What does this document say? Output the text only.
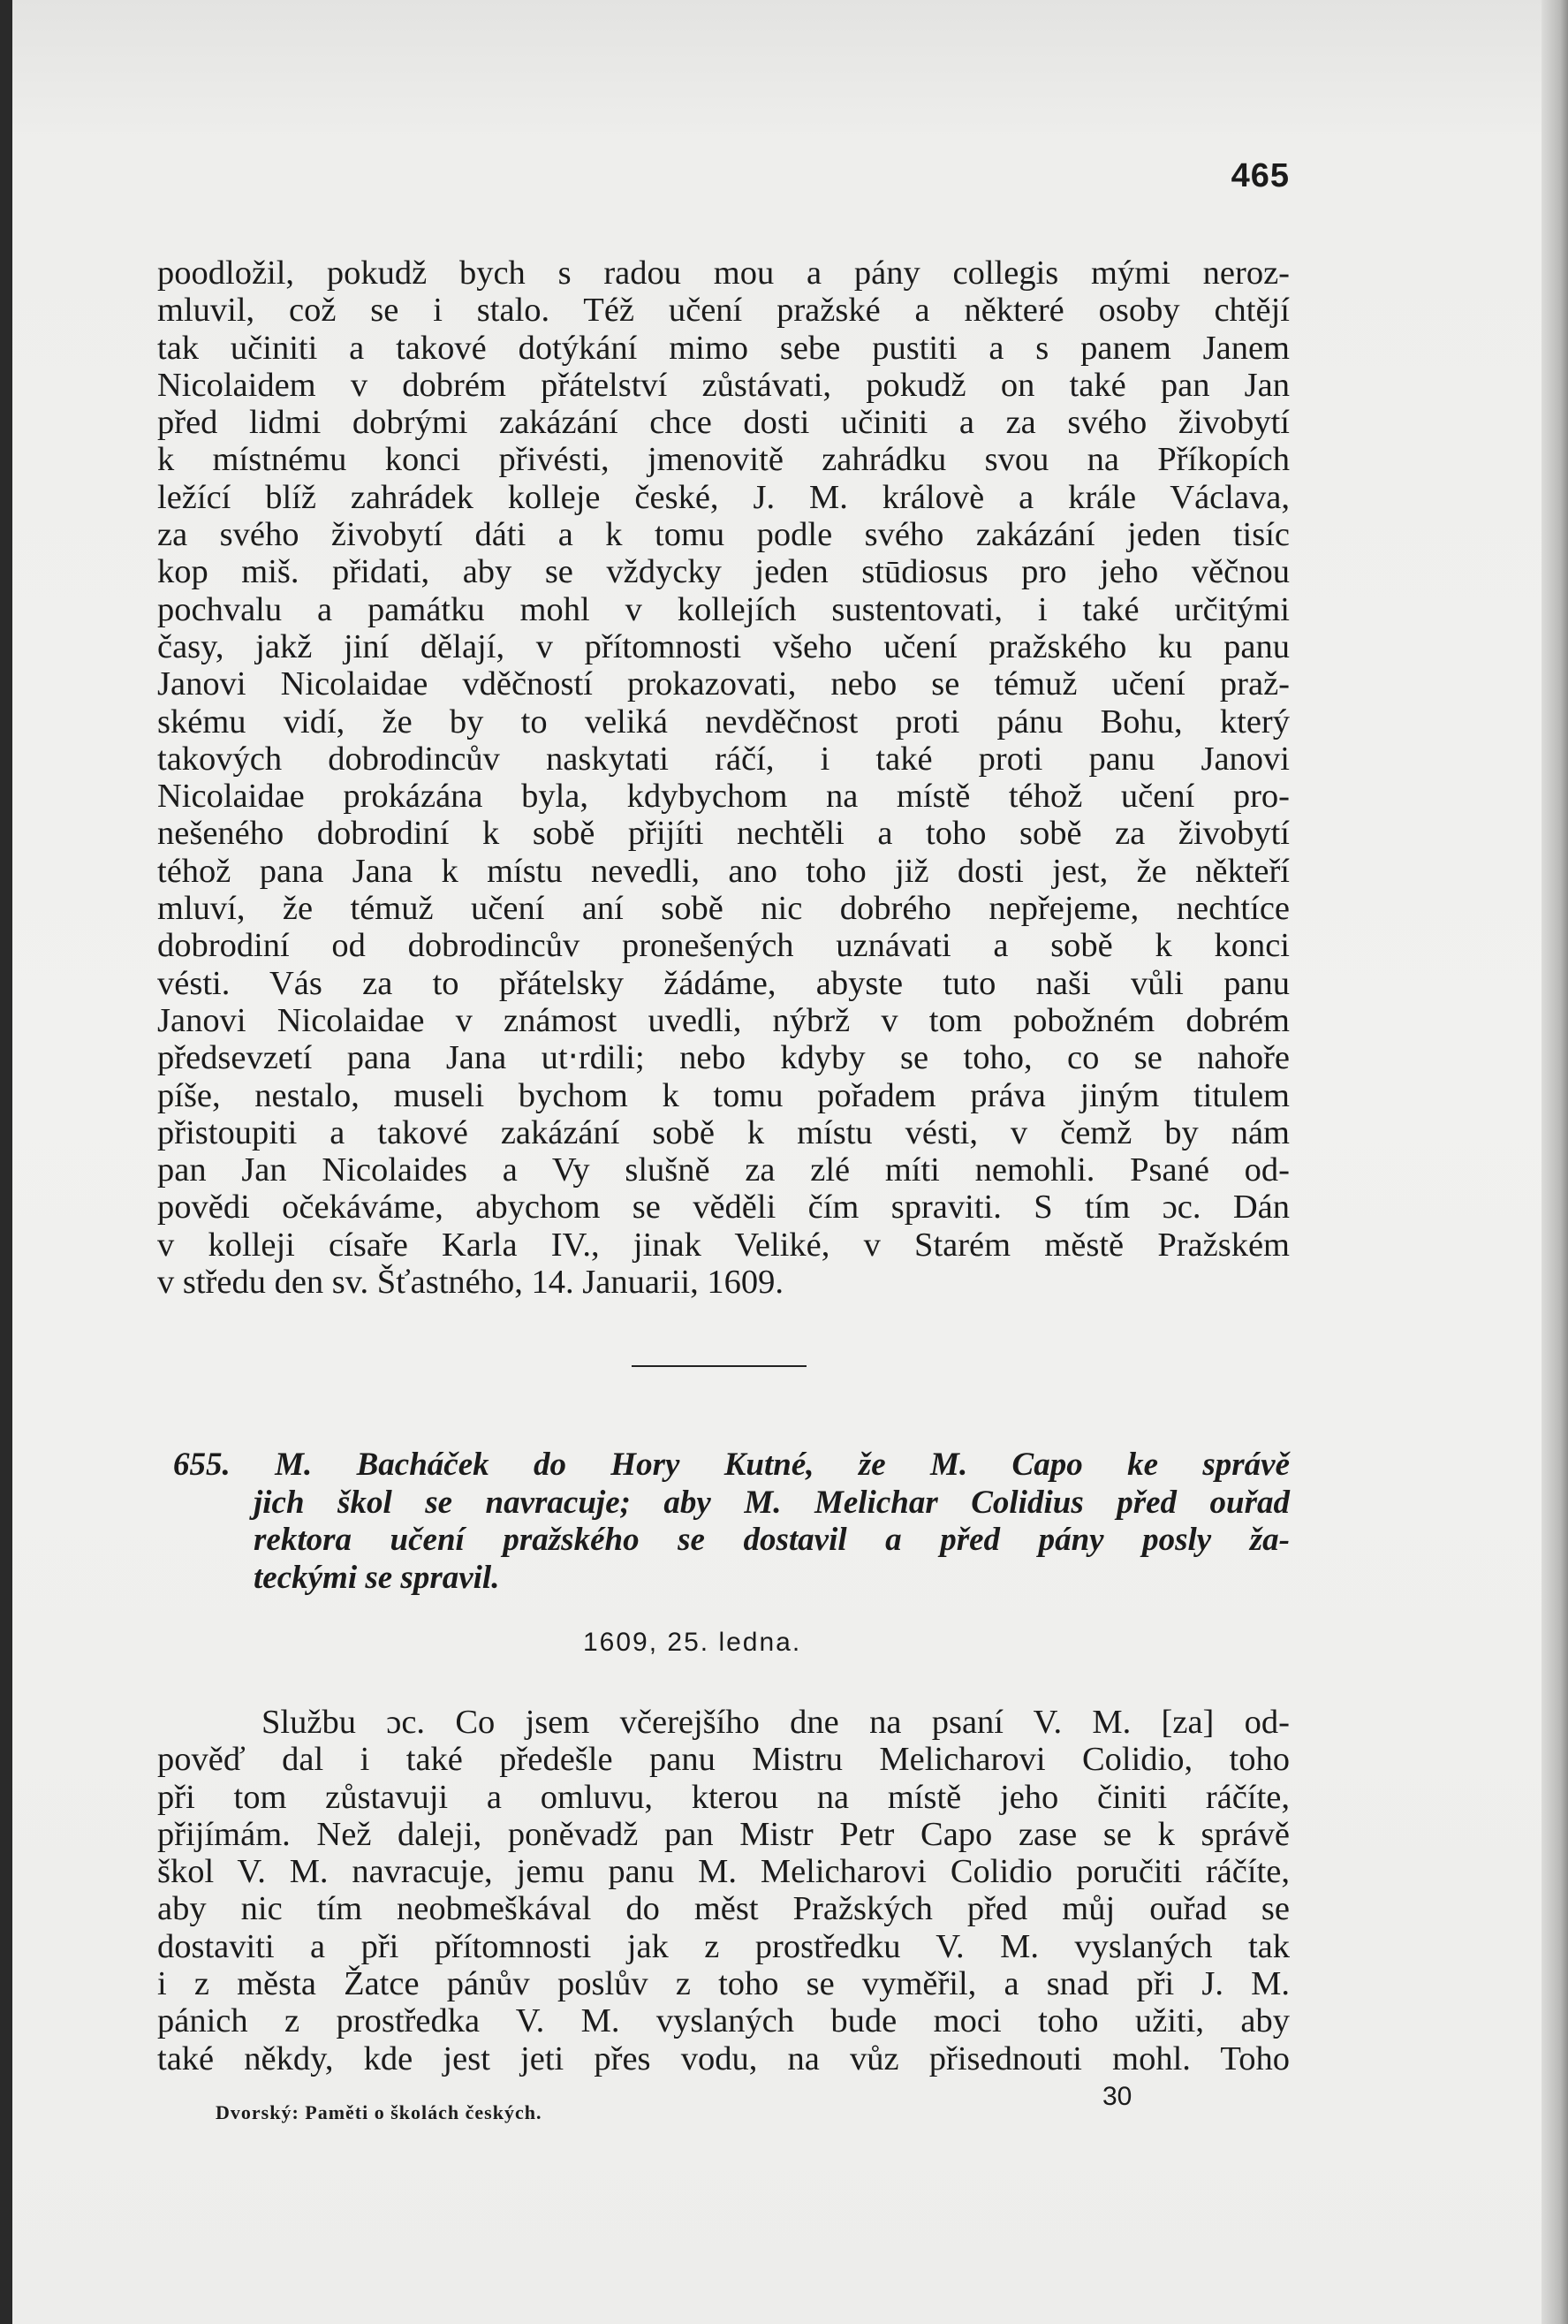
465
poodložil, pokudž bych s radou mou a pány collegis mými neroz-
mluvil, což se i stalo. Též učení pražské a některé osoby chtějí
tak učiniti a takové dotýkání mimo sebe pustiti a s panem Janem
Nicolaidem v dobrém přátelství zůstávati, pokudž on také pan Jan
před lidmi dobrými zakázání chce dosti učiniti a za svého živobytí
k místnému konci přivésti, jmenovitě zahrádku svou na Příkopích
ležící blíž zahrádek kolleje české, J. M. královè a krále Václava,
za svého živobytí dáti a k tomu podle svého zakázání jeden tisíc
kop miš. přidati, aby se vždycky jeden stūdiosus pro jeho věčnou
pochvalu a památku mohl v kollejích sustentovati, i také určitými
časy, jakž jiní dělají, v přítomnosti všeho učení pražského ku panu
Janovi Nicolaidae vděčností prokazovati, nebo se témuž učení praž-
skému vidí, že by to veliká nevděčnost proti pánu Bohu, který
takových dobrodincův naskytati ráčí, i také proti panu Janovi
Nicolaidae prokázána byla, kdybychom na místě téhož učení pro-
nešeného dobrodiní k sobě přijíti nechtěli a toho sobě za živobytí
téhož pana Jana k místu nevedli, ano toho již dosti jest, že někteří
mluví, že témuž učení aní sobě nic dobrého nepřejeme, nechtíce
dobrodiní od dobrodincův pronešených uznávati a sobě k konci
vésti. Vás za to přátelsky žádáme, abyste tuto naši vůli panu
Janovi Nicolaidae v známost uvedli, nýbrž v tom pobožném dobrém
předsevzetí pana Jana ut‧rdili; nebo kdyby se toho, co se nahoře
píše, nestalo, museli bychom k tomu pořadem práva jiným titulem
přistoupiti a takové zakázání sobě k místu vésti, v čemž by nám
pan Jan Nicolaides a Vy slušně za zlé míti nemohli. Psané od-
povědi očekáváme, abychom se věděli čím spraviti. S tím ɔc. Dán
v kolleji císaře Karla IV., jinak Veliké, v Starém městě Pražském
v středu den sv. Šťastného, 14. Januarii, 1609.
655. M. Bacháček do Hory Kutné, že M. Capo ke správě
jich škol se navracuje; aby M. Melichar Colidius před ouřad
rektora učení pražského se dostavil a před pány posly ža-
teckými se spravil.
1609, 25. ledna.
Službu ɔc. Co jsem včerejšího dne na psaní V. M. [za] od-
pověď dal i také předešle panu Mistru Melicharovi Colidio, toho
při tom zůstavuji a omluvu, kterou na místě jeho činiti ráčíte,
přijímám. Než daleji, poněvadž pan Mistr Petr Capo zase se k správě
škol V. M. navracuje, jemu panu M. Melicharovi Colidio poručiti ráčíte,
aby nic tím neobmeškával do měst Pražských před můj ouřad se
dostaviti a při přítomnosti jak z prostředku V. M. vyslaných tak
i z města Žatce pánův poslův z toho se vyměřil, a snad při J. M.
pánich z prostředka V. M. vyslaných bude moci toho užiti, aby
také někdy, kde jest jeti přes vodu, na vůz přisednouti mohl. Toho
Dvorský: Paměti o školách českých.
30
